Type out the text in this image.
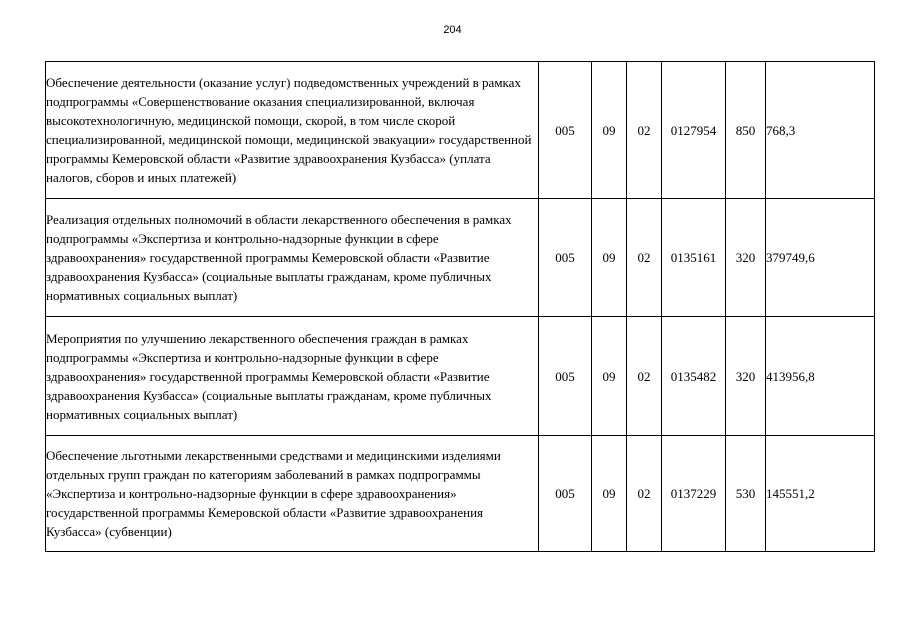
204
Обеспечение деятельности (оказание услуг) подведомственных учреждений в рамках подпрограммы «Совершенствование оказания специализированной, включая высокотехнологичную, медицинской помощи, скорой, в том числе скорой специализированной, медицинской помощи, медицинской эвакуации» государственной программы Кемеровской области «Развитие здравоохранения Кузбасса» (уплата налогов, сборов и иных платежей)	005	09	02	0127954	850	768,3
Реализация отдельных полномочий в области лекарственного обеспечения в рамках подпрограммы «Экспертиза и контрольно-надзорные функции в сфере здравоохранения» государственной программы Кемеровской области «Развитие здравоохранения Кузбасса» (социальные выплаты гражданам, кроме публичных нормативных социальных выплат)	005	09	02	0135161	320	379749,6
Мероприятия по улучшению лекарственного обеспечения граждан в рамках подпрограммы «Экспертиза и контрольно-надзорные функции в сфере здравоохранения» государственной программы Кемеровской области «Развитие здравоохранения Кузбасса» (социальные выплаты гражданам, кроме публичных нормативных социальных выплат)	005	09	02	0135482	320	413956,8
Обеспечение льготными лекарственными средствами и медицинскими изделиями отдельных групп граждан по категориям заболеваний в рамках подпрограммы «Экспертиза и контрольно-надзорные функции в сфере здравоохранения» государственной программы Кемеровской области «Развитие здравоохранения Кузбасса» (субвенции)	005	09	02	0137229	530	145551,2
